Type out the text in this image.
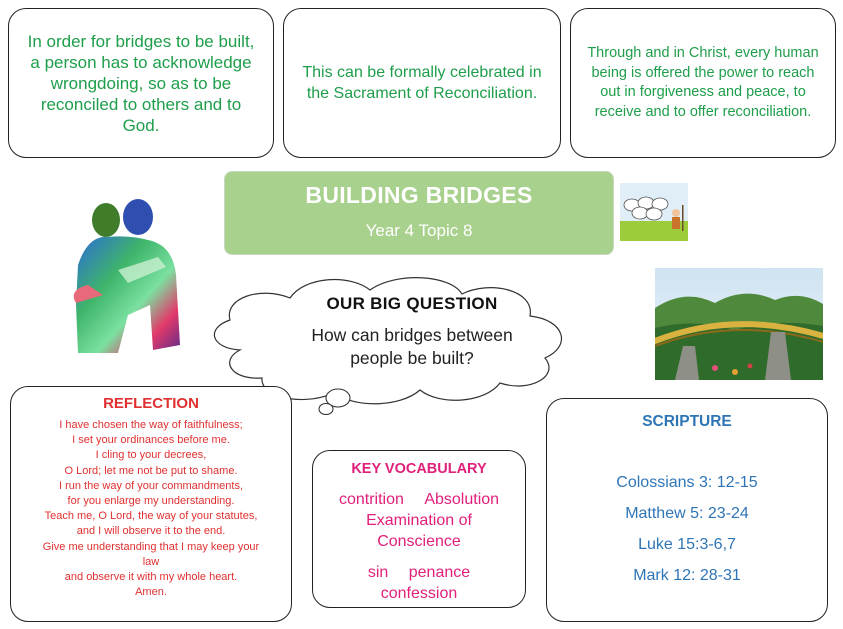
In order for bridges to be built, a person has to acknowledge wrongdoing, so as to be reconciled to others and to God.
This can be formally celebrated in the Sacrament of Reconciliation.
Through and in Christ, every human being is offered the power to reach out in forgiveness and peace, to receive and to offer reconciliation.
BUILDING BRIDGES
Year 4 Topic 8
OUR BIG QUESTION
How can bridges between
people be built?
REFLECTION
I have chosen the way of faithfulness;
I set your ordinances before me.
I cling to your decrees,
O Lord; let me not be put to shame.
I run the way of your commandments,
for you enlarge my understanding.
Teach me, O Lord, the way of your statutes,
and I will observe it to the end.
Give me understanding that I may keep your
law
and observe it with my whole heart.
Amen.
KEY VOCABULARY
contrition Absolution
Examination of
Conscience
sin penance
confession
SCRIPTURE
Colossians 3: 12-15
Matthew 5: 23-24
Luke 15:3-6,7
Mark 12: 28-31
